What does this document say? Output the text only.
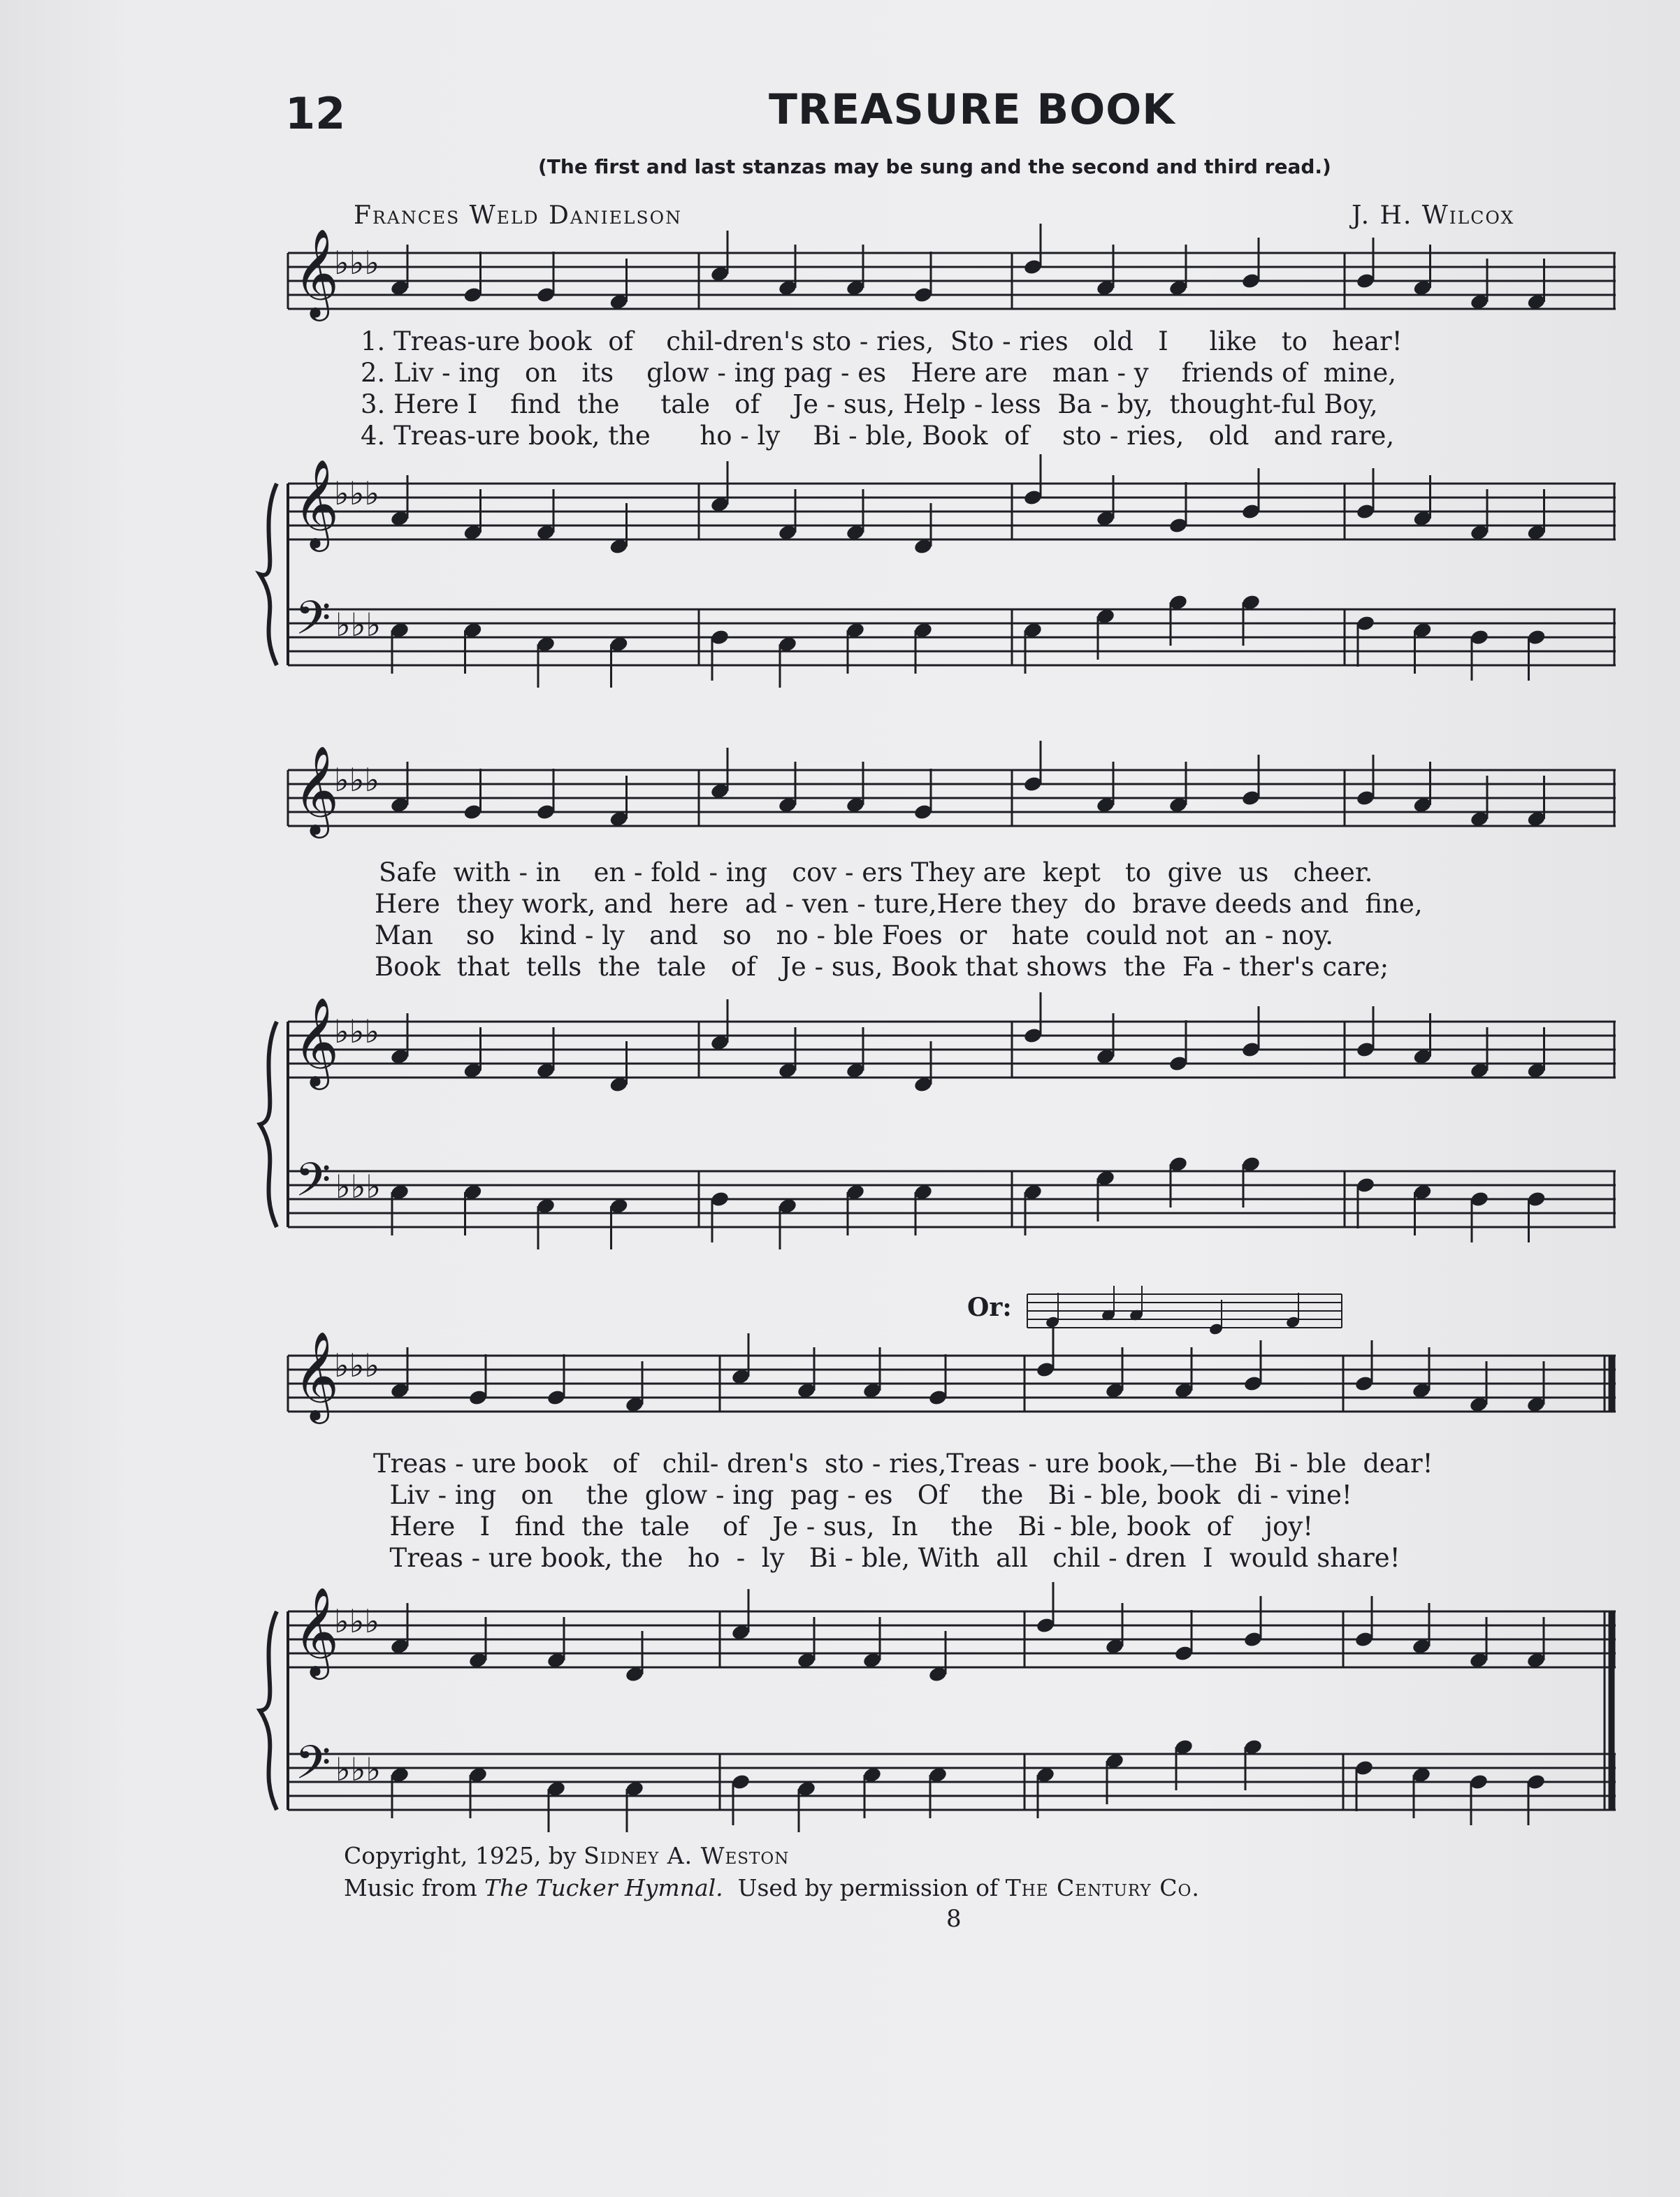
12	TREASURE BOOK
(The first and last stanzas may be sung and the second and third read.)
Frances Weld Danielson	J. H. Wilcox
𝄞
♭♭♭
𝄞
♭♭♭
𝄢 ♭♭♭
𝄞
♭♭♭
𝄞
♭♭♭
𝄢 ♭♭♭
𝄞
♭♭♭
𝄞
♭♭♭
𝄢 ♭♭♭
1. Treas-ure book  of    chil-dren's sto - ries,  Sto - ries   old   I     like   to   hear!
2. Liv - ing   on   its    glow - ing pag - es   Here are   man - y    friends of  mine,
3. Here I    find  the     tale   of    Je - sus, Help - less  Ba - by,  thought-ful Boy,
4. Treas-ure book, the      ho - ly    Bi - ble, Book  of    sto - ries,   old   and rare,
Safe  with - in    en - fold - ing   cov - ers They are  kept   to  give  us   cheer.
Here  they work, and  here  ad - ven - ture,Here they  do  brave deeds and  fine,
Man    so   kind - ly   and   so   no - ble Foes  or   hate  could not  an - noy.
Book  that  tells  the  tale   of   Je - sus, Book that shows  the  Fa - ther's care;
Or:
Treas - ure book   of   chil- dren's  sto - ries,Treas - ure book,—the  Bi - ble  dear!
Liv - ing   on    the  glow - ing  pag - es   Of    the   Bi - ble, book  di - vine!
Here   I   find  the  tale    of   Je - sus,  In    the   Bi - ble, book  of    joy!
Treas - ure book, the   ho  -  ly   Bi - ble, With  all   chil - dren  I  would share!
Copyright, 1925, by Sidney A. Weston
Music from The Tucker Hymnal.  Used by permission of The Century Co.
8
